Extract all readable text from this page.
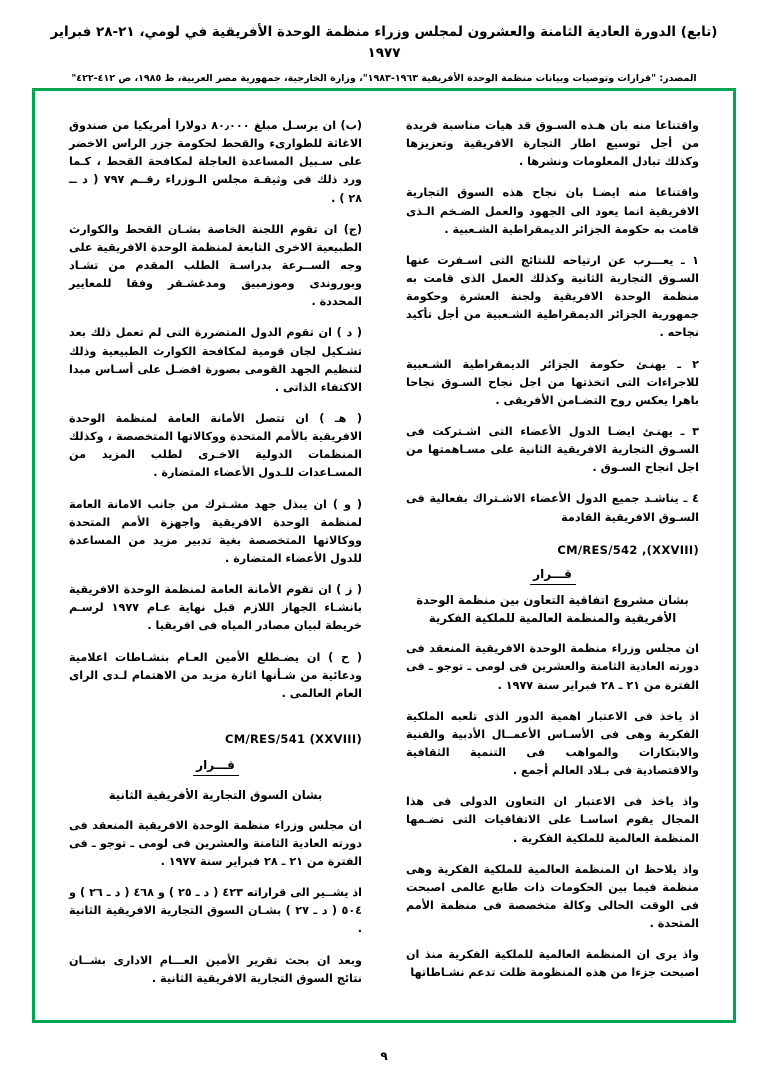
(تابع) الدورة العادية الثامنة والعشرون لمجلس وزراء منظمة الوحدة الأفريقية في لومي، ٢١-٢٨ فبراير ١٩٧٧
المصدر: "قرارات وتوصيات وبيانات منظمة الوحدة الأفريقية ١٩٦٣-١٩٨٣"، وزارة الخارجية، جمهورية مصر العربية، ط ١٩٨٥، ص ٤١٢-٤٢٢"

واقتناعا منه بان هـذه السـوق قد هيات مناسبة فريدة من أجل توسيع اطار التجارة الافريقية وتعزيزها وكذلك تبادل المعلومات ونشرها .

واقتناعا منه ايضـا بان نجاح هذه السوق التجارية الافريقية انما يعود الى الجهود والعمل الضـخم الـذى قامت به حكومة الجزائر الديمقراطية الشـعبية .

١ ـ يعـــرب عن ارتياحه للنتائج التى اسـفرت عنها السـوق التجارية الثانية وكذلك العمل الذى قامت به منظمة الوحدة الافريقية ولجنة العشرة وحكومة جمهورية الجزائر الديمقراطية الشـعبية من أجل تأكيد نجاحه .

٢ ـ يهنـئ حكومة الجزائر الديمقراطية الشـعبية للاجراءات التى اتخذتها من اجل نجاح السـوق نجاحا باهرا يعكس روح التضـامن الأفريقى .

٣ ـ يهنـئ ايضـا الدول الأعضاء التى اشـتركت فى السـوق التجارية الافريقية الثانية على مسـاهمتها من اجل انجاح السـوق .

٤ ـ يناشـد جميع الدول الأعضاء الاشـتراك بفعالية فى السـوق الافريقية القادمة

CM/RES/542 ,(XXVIII)
قـــرار
بشان مشروع اتفاقية التعاون بين منظمة الوحدة الأفريقية والمنظمة العالمية للملكية الفكرية

ان مجلس وزراء منظمة الوحدة الافريقية المنعقد فى دورته العادية الثامنة والعشرين فى لومى ـ توجو ـ فى الفترة من ٢١ ـ ٢٨ فبراير سنة ١٩٧٧ .

اذ ياخذ فى الاعتبار اهمية الدور الذى تلعبه الملكية الفكرية وهى فى الأسـاس الأعمــال الأدبية والفنية والابتكارات والمواهب فى التنمية الثقافية والاقتصادية فى بـلاد العالم أجمع .

واذ ياخذ فى الاعتبار ان التعاون الدولى فى هذا المجال يقوم اساسـا على الاتفاقيات التى تضـمها المنظمة العالمية للملكية الفكرية .

واذ يلاحظ ان المنظمة العالمية للملكية الفكرية وهى منظمة فيما بين الحكومات ذات طابع عالمى اصبحت فى الوقت الحالى وكالة متخصصة فى منظمة الأمم المتحدة .

واذ يرى ان المنظمة العالمية للملكية الفكرية منذ ان اصبحت جزءا من هذه المنظومة ظلت تدعم نشـاطاتها

(ب) ان يرسـل مبلغ ٨٠٫٠٠٠ دولارا أمريكيا من صندوق الاغاثة للطوارىء والقحط لحكومة جزر الراس الاخضر على سـبيل المساعدة العاجلة لمكافحة القحط ، كـما ورد ذلك فى وثيقـة مجلس الـوزراء رقــم ٧٩٧ ( د ــ ٢٨ ) .

(ج) ان تقوم اللجنة الخاصة بشـان القحط والكوارث الطبيعية الاخرى التابعة لمنظمة الوحدة الافريقية على وجه الســرعة بدراسـة الطلب المقدم من تشـاد وبوروندى وموزمبيق ومدغشـقر وفقا للمعايير المحددة .

( د ) ان تقوم الدول المتضررة التى لم تعمل ذلك بعد تشـكيل لجان قومية لمكافحة الكوارث الطبيعية وذلك لتنظيم الجهد القومى بصورة افضـل على أسـاس مبدا الاكتفاء الذاتى .

( هـ ) ان تتصل الأمانة العامة لمنظمة الوحدة الافريقية بالأمم المتحدة ووكالاتها المتخصصة ، وكذلك المنظمات الدولية الاخـرى لطلب المزيد من المسـاعدات للـدول الأعضاء المتضارة .

( و ) ان يبذل جهد مشـترك من جانب الامانة العامة لمنظمة الوحدة الافريقية واجهزة الأمم المتحدة ووكالاتها المتخصصة بغية تدبير مزيد من المساعدة للدول الأعضاء المتضارة .

( ز ) ان تقوم الأمانة العامة لمنظمة الوحدة الافريقية بانشـاء الجهاز اللازم قبل نهاية عـام ١٩٧٧ لرسـم خريطة لبيان مصادر المياه فى افريقيا .

( ح ) ان يضـطلع الأمين العـام بنشـاطات اعلامية ودعائية من شـأنها اثارة مزيد من الاهتمام لـدى الراى العام العالمى .

CM/RES/541 (XXVIII)
قـــرار
بشان السوق التجارية الأفريقية الثانية

ان مجلس وزراء منظمة الوحدة الافريقية المنعقد فى دورته العادية الثامنة والعشرين فى لومى ـ توجو ـ فى الفترة من ٢١ ـ ٢٨ فبراير سنة ١٩٧٧ .

اذ يشــير الى قراراته ٤٢٣ ( د ـ ٢٥ ) و ٤٦٨ ( د ـ ٢٦ ) و ٥٠٤ ( د ـ ٢٧ ) بشـان السوق التجارية الافريقية الثانية .

وبعد ان بحث تقرير الأمين العـــام الادارى بشــان نتائج السوق التجارية الافريقية الثانية .

٩
